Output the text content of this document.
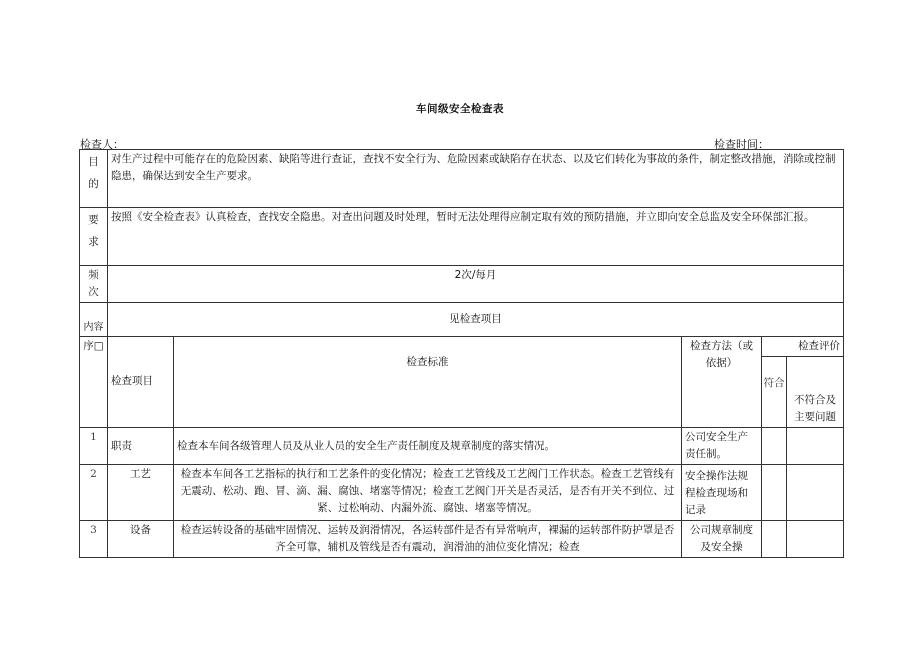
车间级安全检查表
检查人：	检查时间：
目
的	对生产过程中可能存在的危险因素、缺陷等进行查证，查找不安全行为、危险因素或缺陷存在状态、以及它们转化为事故的条件，制定整改措施，消除或控制隐患，确保达到安全生产要求。				

要
求	按照《安全检查表》认真检查，查找安全隐患。对查出问题及时处理，暂时无法处理得应制定取有效的预防措施，并立即向安全总监及安全环保部汇报。				

频
次	2次/每月				
内容	见检查项目				
序□	检查项目	检查标准	检查方法（或依据）	检查评价	
				符合	不符合及主要问题
1	职责	检查本车间各级管理人员及从业人员的安全生产责任制度及规章制度的落实情况。	公司安全生产责任制。		
2	工艺	检查本车间各工艺指标的执行和工艺条件的变化情况；检查工艺管线及工艺阀门工作状态。检查工艺管线有无震动、松动、跑、冒、滴、漏、腐蚀、堵塞等情况；检查工艺阀门开关是否灵活，是否有开关不到位、过紧、过松响动、内漏外流、腐蚀、堵塞等情况。	安全操作法规程检查现场和记录		
3	设备	检查运转设备的基础牢固情况、运转及润滑情况，各运转部件是否有异常响声，裸漏的运转部件防护罩是否齐全可靠，辅机及管线是否有震动，润滑油的油位变化情况；检查	公司规章制度及安全操		
